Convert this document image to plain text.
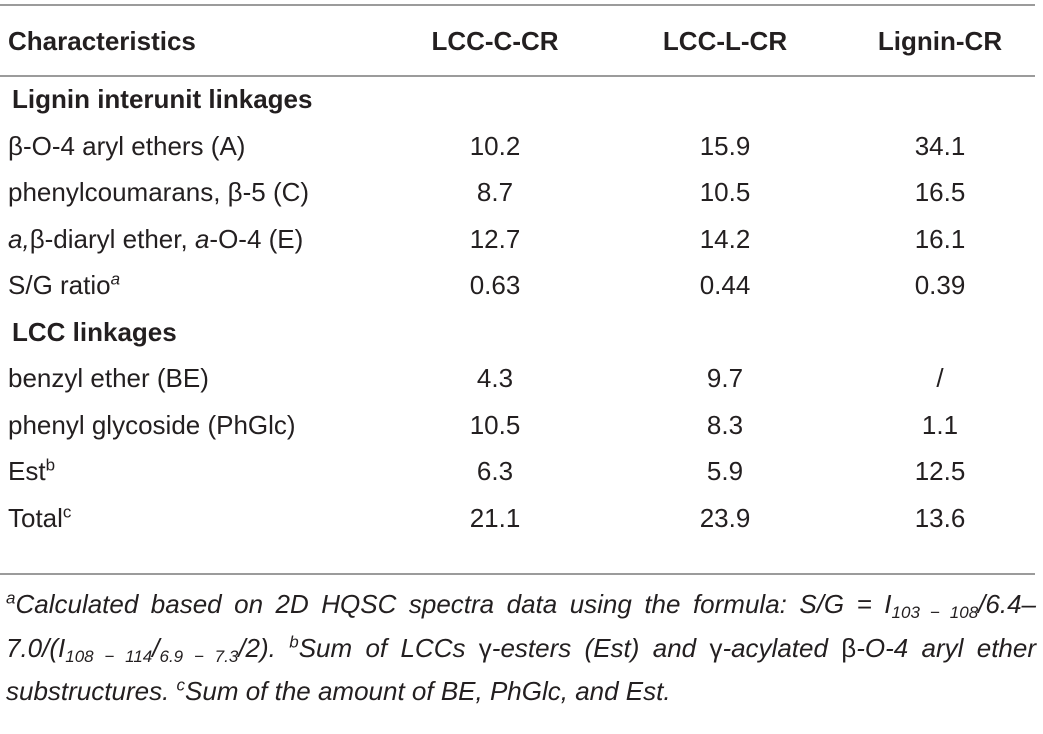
Characteristics	LCC-C-CR	LCC-L-CR	Lignin-CR
Lignin interunit linkages			
β-O-4 aryl ethers (A)	10.2	15.9	34.1
phenylcoumarans, β-5 (C)	8.7	10.5	16.5
a,β-diaryl ether, a-O-4 (E)	12.7	14.2	16.1
S/G ratio$^a$	0.63	0.44	0.39
LCC linkages			
benzyl ether (BE)	4.3	9.7	/
phenyl glycoside (PhGlc)	10.5	8.3	1.1
Est$^b$	6.3	5.9	12.5
Total$^c$	21.1	23.9	13.6
$^a$Calculated based on 2D HQSC spectra data using the formula: $S/G = I_{103 - 108}/6.4-7.0/(I_{108 - 114}/_{6.9 - 7.3}/2)$. $^b$Sum of LCCs γ-esters (Est) and γ-acylated β-O-4 aryl ether substructures. $^c$Sum of the amount of BE, PhGlc, and Est.
